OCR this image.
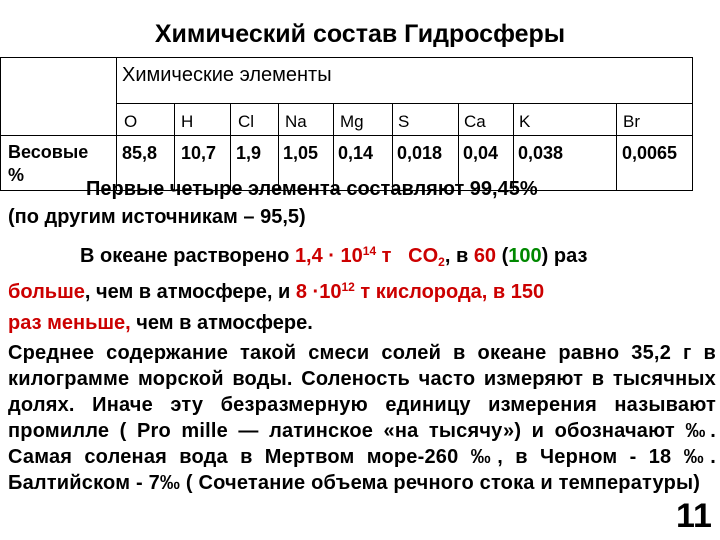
Химический состав Гидросферы
Химические элементы
O	H	Cl Na Mg S	Ca K	Br
Весовые
%
85,8 10,7 1,9 1,05 0,14 0,018 0,04 0,038	0,0065
Первые четыре элемента составляют 99,45%
(по другим источникам – 95,5)
В океане растворено $1,4 \cdot 10^{14}$ т $CO_2$, в 60 (100) раз
больше, чем в атмосфере, и $8 \cdot 10^{12}$ т кислорода, в 150
раз меньше, чем в атмосфере.
Среднее содержание такой смеси солей в океане равно 35,2 г в килограмме морской воды. Соленость часто измеряют в тысячных долях. Иначе эту безразмерную единицу измерения называют промилле ( Pro mille — латинское «на тысячу») и обозначают ‰. Самая соленая вода в Мертвом море-260 ‰, в Черном - 18 ‰. Балтийском - 7‰ ( Сочетание объема речного стока и температуры)
11
